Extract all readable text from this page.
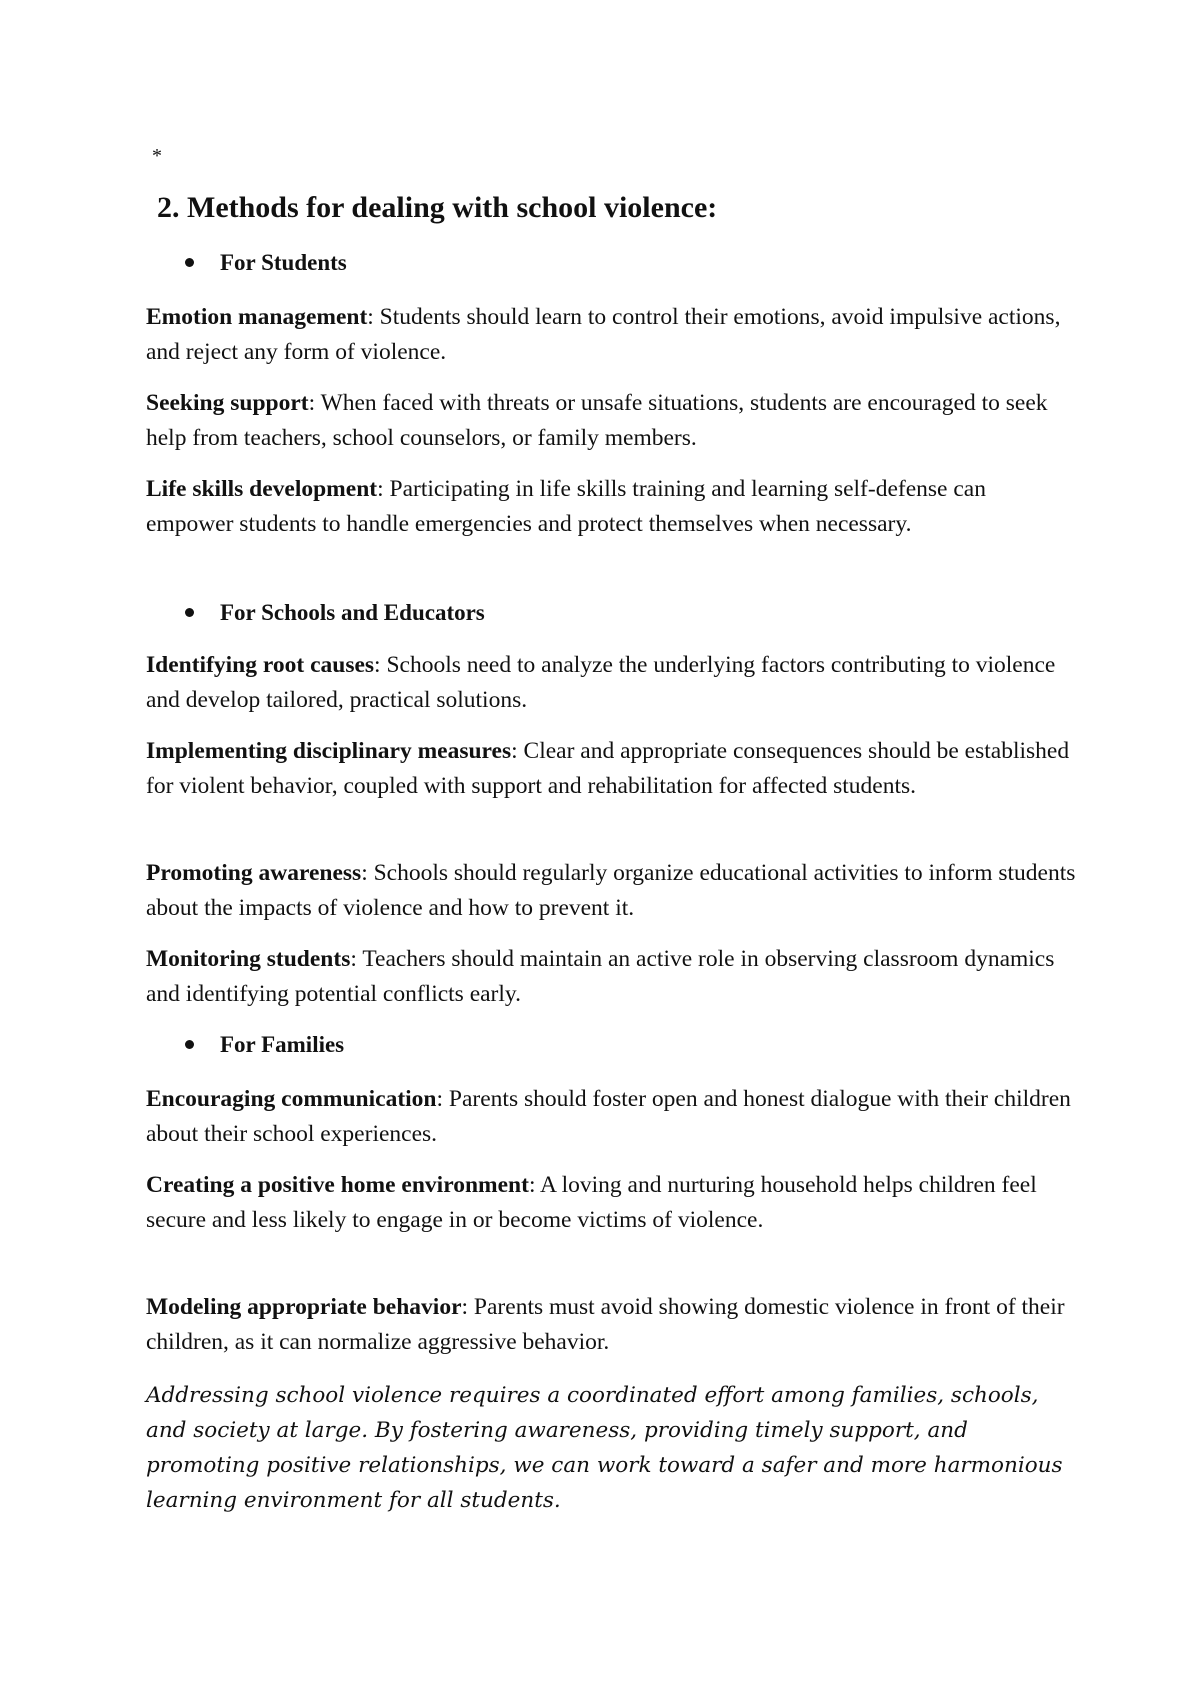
*
2. Methods for dealing with school violence:
For Students
Emotion management: Students should learn to control their emotions, avoid impulsive actions, and reject any form of violence.
Seeking support: When faced with threats or unsafe situations, students are encouraged to seek help from teachers, school counselors, or family members.
Life skills development: Participating in life skills training and learning self-defense can empower students to handle emergencies and protect themselves when necessary.
For Schools and Educators
Identifying root causes: Schools need to analyze the underlying factors contributing to violence and develop tailored, practical solutions.
Implementing disciplinary measures: Clear and appropriate consequences should be established for violent behavior, coupled with support and rehabilitation for affected students.
Promoting awareness: Schools should regularly organize educational activities to inform students about the impacts of violence and how to prevent it.
Monitoring students: Teachers should maintain an active role in observing classroom dynamics and identifying potential conflicts early.
For Families
Encouraging communication: Parents should foster open and honest dialogue with their children about their school experiences.
Creating a positive home environment: A loving and nurturing household helps children feel secure and less likely to engage in or become victims of violence.
Modeling appropriate behavior: Parents must avoid showing domestic violence in front of their children, as it can normalize aggressive behavior.
Addressing school violence requires a coordinated effort among families, schools, and society at large. By fostering awareness, providing timely support, and promoting positive relationships, we can work toward a safer and more harmonious learning environment for all students.
